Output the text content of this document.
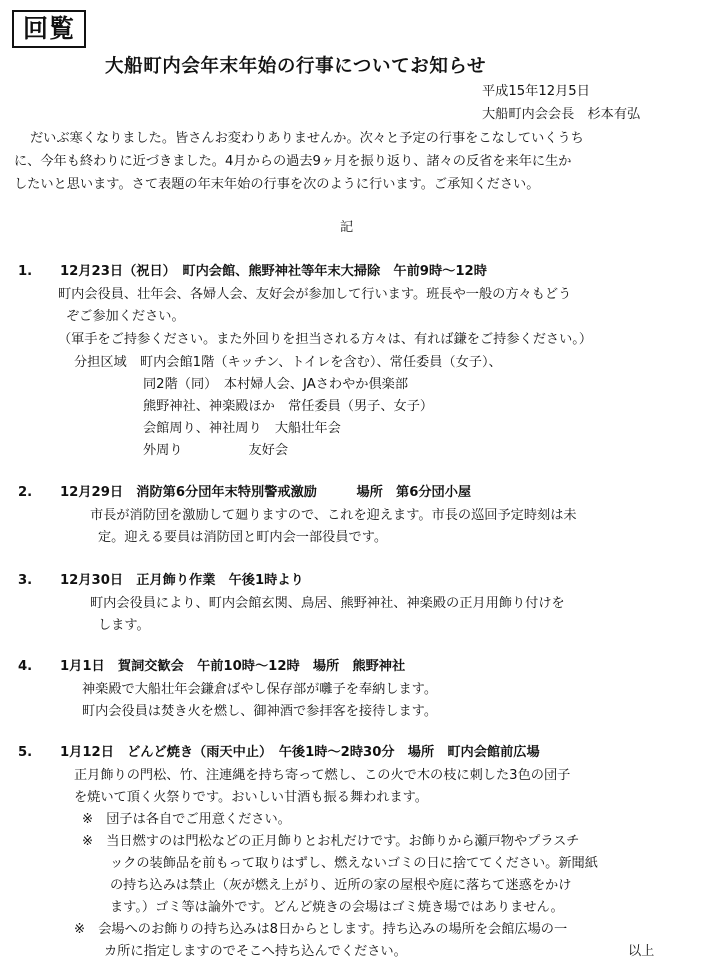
回覧
大船町内会年末年始の行事についてお知らせ
平成15年12月5日
大船町内会会長　杉本有弘
だいぶ寒くなりました。皆さんお変わりありませんか。次々と予定の行事をこなしていくうち
に、今年も終わりに近づきました。4月からの過去9ヶ月を振り返り、諸々の反省を来年に生か
したいと思います。さて表題の年末年始の行事を次のように行います。ご承知ください。
記
1. 12月23日（祝日）　町内会館、熊野神社等年末大掃除　午前9時～12時
町内会役員、壮年会、各婦人会、友好会が参加して行います。班長や一般の方々もどう
ぞご参加ください。
（軍手をご持参ください。また外回りを担当される方々は、有れば鎌をご持参ください。）
分担区域　町内会館1階（キッチン、トイレを含む）、常任委員（女子）、
同2階（同）　本村婦人会、JAさわやか倶楽部
熊野神社、神楽殿ほか　常任委員（男子、女子）
会館周り、神社周り　大船壮年会
外周り　　　　　友好会
2. 12月29日　消防第6分団年末特別警戒激励　　　場所　第6分団小屋
市長が消防団を激励して廻りますので、これを迎えます。市長の巡回予定時刻は未
定。迎える要員は消防団と町内会一部役員です。
3. 12月30日　正月飾り作業　午後1時より
町内会役員により、町内会館玄関、鳥居、熊野神社、神楽殿の正月用飾り付けを
します。
4. 1月1日　賀詞交歓会　午前10時～12時　場所　熊野神社
神楽殿で大船壮年会鎌倉ばやし保存部が囃子を奉納します。
町内会役員は焚き火を燃し、御神酒で参拝客を接待します。
5. 1月12日　どんど焼き（雨天中止）　午後1時～2時30分　場所　町内会館前広場
正月飾りの門松、竹、注連縄を持ち寄って燃し、この火で木の枝に刺した3色の団子
を焼いて頂く火祭りです。おいしい甘酒も振る舞われます。
※　団子は各自でご用意ください。
※　当日燃すのは門松などの正月飾りとお札だけです。お飾りから瀬戸物やプラスチ
ックの装飾品を前もって取りはずし、燃えないゴミの日に捨ててください。新聞紙
の持ち込みは禁止（灰が燃え上がり、近所の家の屋根や庭に落ちて迷惑をかけ
ます。）ゴミ等は論外です。どんど焼きの会場はゴミ焼き場ではありません。
※　会場へのお飾りの持ち込みは8日からとします。持ち込みの場所を会館広場の一
カ所に指定しますのでそこへ持ち込んでください。	以上
